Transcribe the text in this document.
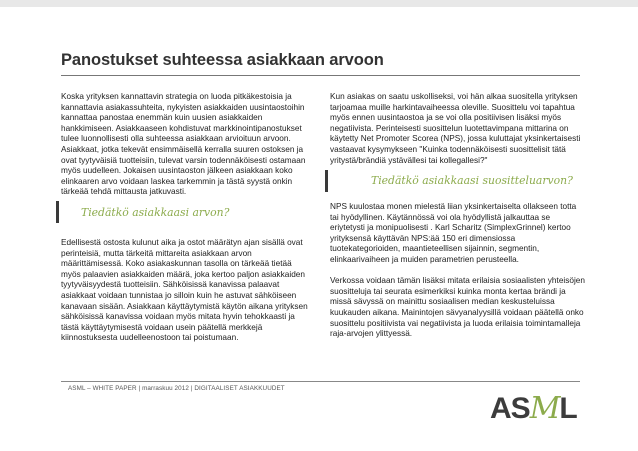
Panostukset suhteessa asiakkaan arvoon

Koska yrityksen kannattavin strategia on luoda pitkäkestoisia ja kannattavia asiakassuhteita, nykyisten asiakkaiden uusintaostoihin kannattaa panostaa enemmän kuin uusien asiakkaiden hankkimiseen. Asiakkaaseen kohdistuvat markkinointipanostukset tulee luonnollisesti olla suhteessa asiakkaan arvioituun arvoon. Asiakkaat, jotka tekevät ensimmäisellä kerralla suuren ostoksen ja ovat tyytyväisiä tuotteisiin, tulevat varsin todennäköisesti ostamaan myös uudelleen. Jokaisen uusintaoston jälkeen asiakkaan koko elinkaaren arvo voidaan laskea tarkemmin ja tästä syystä onkin tärkeää tehdä mittausta jatkuvasti.

Tiedätkö asiakkaasi arvon?

Edellisestä ostosta kulunut aika ja ostot määrätyn ajan sisällä ovat perinteisiä, mutta tärkeitä mittareita asiakkaan arvon määrittämisessä. Koko asiakaskunnan tasolla on tärkeää tietää myös palaavien asiakkaiden määrä, joka kertoo paljon asiakkaiden tyytyväisyydestä tuotteisiin. Sähköisissä kanavissa palaavat asiakkaat voidaan tunnistaa jo silloin kuin he astuvat sähköiseen kanavaan sisään. Asiakkaan käyttäytymistä käytön aikana yrityksen sähköisissä kanavissa voidaan myös mitata hyvin tehokkaasti ja tästä käyttäytymisestä voidaan usein päätellä merkkejä kiinnostuksesta uudelleenostoon tai poistumaan.

Kun asiakas on saatu uskolliseksi, voi hän alkaa suositella yrityksen tarjoamaa muille harkintavaiheessa oleville. Suosittelu voi tapahtua myös ennen uusintaostoa ja se voi olla positiivisen lisäksi myös negatiivista. Perinteisesti suosittelun luotettavimpana mittarina on käytetty Net Promoter Scorea (NPS), jossa kuluttajat yksinkertaisesti vastaavat kysymykseen "Kuinka todennäköisesti suosittelisit tätä yritystä/brändiä ystävällesi tai kollegallesi?"

Tiedätkö asiakkaasi suositteluarvon?

NPS kuulostaa monen mielestä liian yksinkertaiselta ollakseen totta tai hyödyllinen. Käytännössä voi ola hyödyllistä jalkauttaa se eriytetysti ja monipuolisesti . Karl Scharitz (SimplexGrinnel) kertoo yrityksensä käyttävän NPS:ää 150 eri dimensiossa tuotekategorioiden, maantieteellisen sijainnin, segmentin, elinkaarivaiheen ja muiden parametrien perusteella.

Verkossa voidaan tämän lisäksi mitata erilaisia sosiaalisten yhteisöjen suositteluja tai seurata esimerkiksi kuinka monta kertaa brändi ja missä sävyssä on mainittu sosiaalisen median keskusteluissa kuukauden aikana. Mainintojen sävyanalyysillä voidaan päätellä onko suosittelu positiivista vai negatiivista ja luoda erilaisia toimintamalleja raja-arvojen ylittyessä.

ASML – WHITE PAPER | marraskuu 2012 | DIGITAALISET ASIAKKUUDET
ASML
